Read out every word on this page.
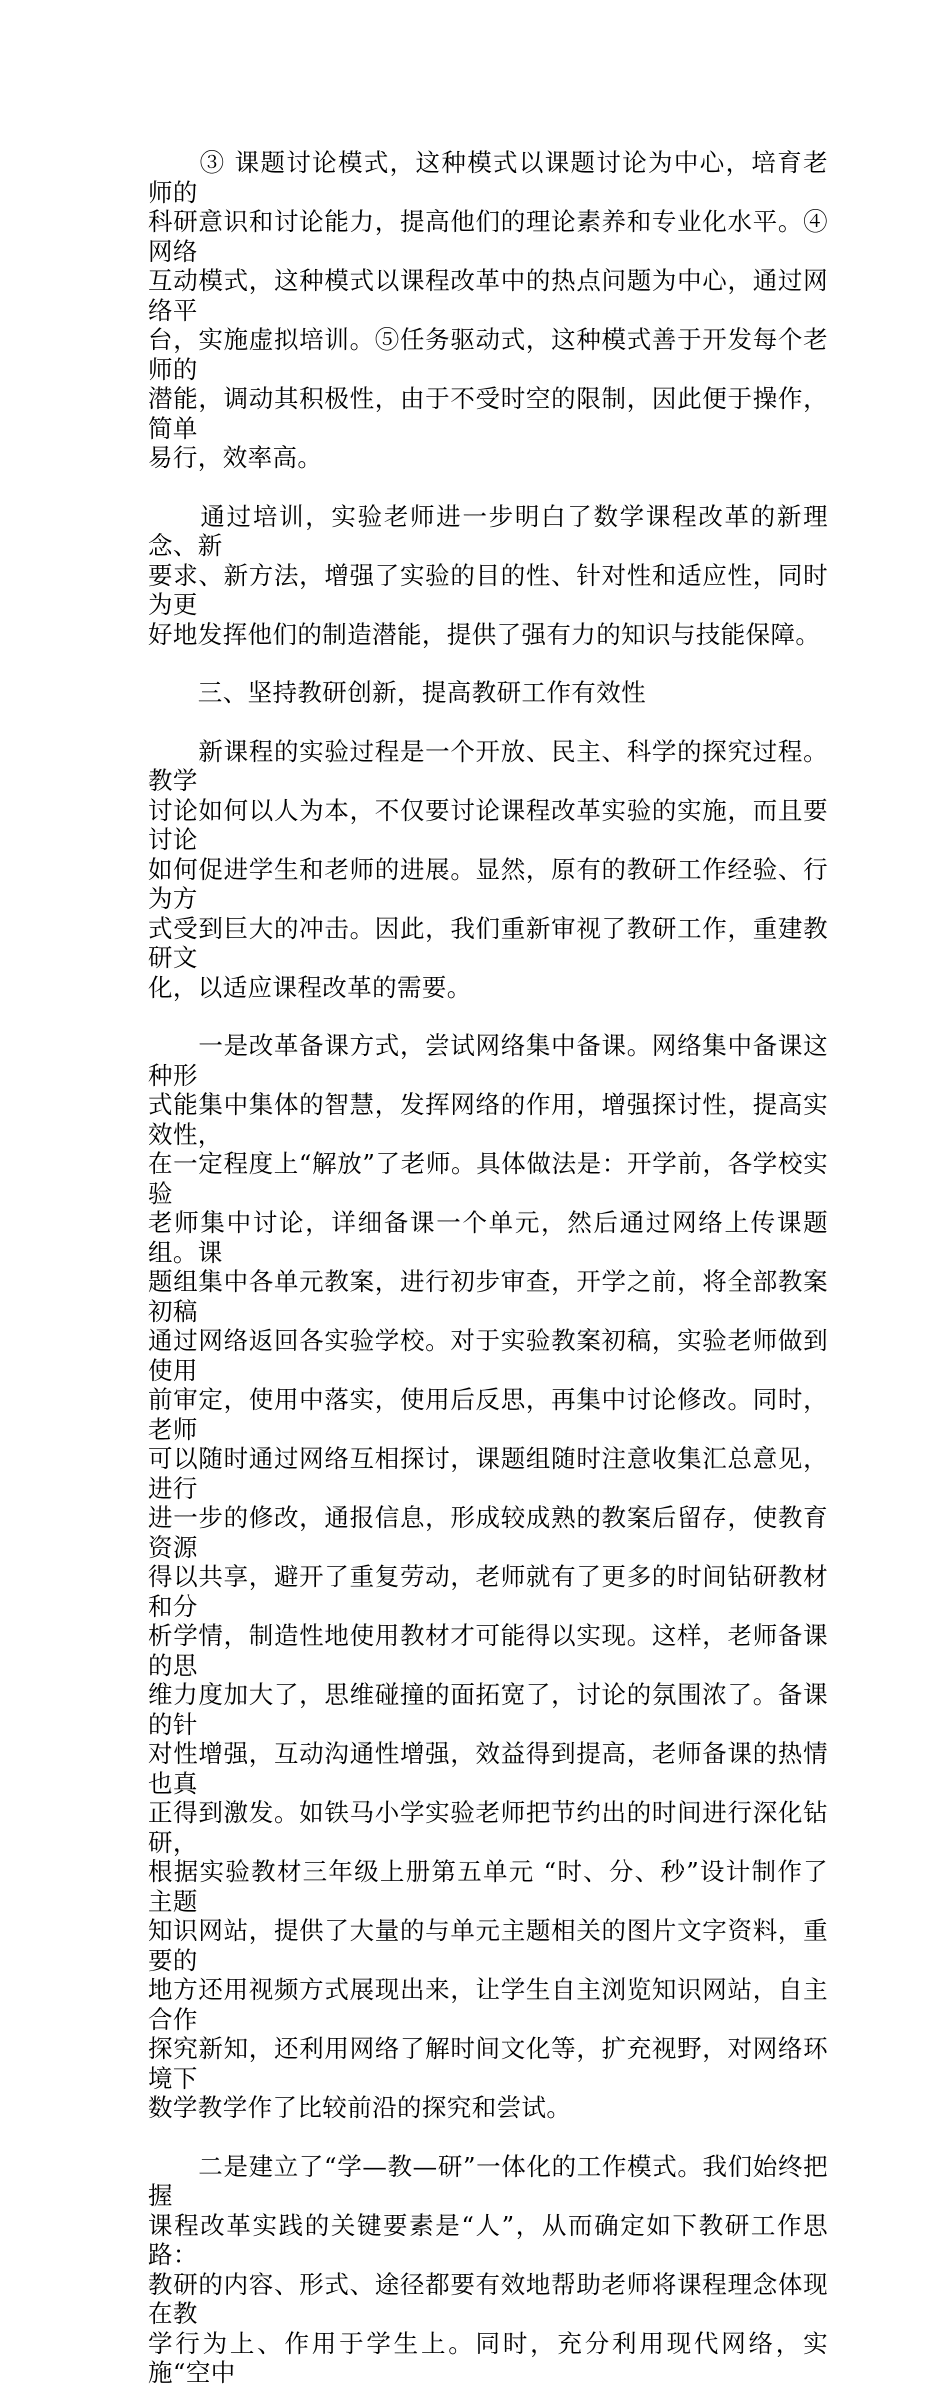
　　③ 课题讨论模式，这种模式以课题讨论为中心，培育老师的
科研意识和讨论能力，提高他们的理论素养和专业化水平。④网络
互动模式，这种模式以课程改革中的热点问题为中心，通过网络平
台，实施虚拟培训。⑤任务驱动式，这种模式善于开发每个老师的
潜能，调动其积极性，由于不受时空的限制，因此便于操作，简单
易行，效率高。

　　通过培训，实验老师进一步明白了数学课程改革的新理念、新
要求、新方法，增强了实验的目的性、针对性和适应性，同时为更
好地发挥他们的制造潜能，提供了强有力的知识与技能保障。

　　三、坚持教研创新，提高教研工作有效性

　　新课程的实验过程是一个开放、民主、科学的探究过程。教学
讨论如何以人为本，不仅要讨论课程改革实验的实施，而且要讨论
如何促进学生和老师的进展。显然，原有的教研工作经验、行为方
式受到巨大的冲击。因此，我们重新审视了教研工作，重建教研文
化，以适应课程改革的需要。

　　一是改革备课方式，尝试网络集中备课。网络集中备课这种形
式能集中集体的智慧，发挥网络的作用，增强探讨性，提高实效性，
在一定程度上“解放”了老师。具体做法是：开学前，各学校实验
老师集中讨论，详细备课一个单元，然后通过网络上传课题组。课
题组集中各单元教案，进行初步审查，开学之前，将全部教案初稿
通过网络返回各实验学校。对于实验教案初稿，实验老师做到使用
前审定，使用中落实，使用后反思，再集中讨论修改。同时，老师
可以随时通过网络互相探讨，课题组随时注意收集汇总意见，进行
进一步的修改，通报信息，形成较成熟的教案后留存，使教育资源
得以共享，避开了重复劳动，老师就有了更多的时间钻研教材和分
析学情，制造性地使用教材才可能得以实现。这样，老师备课的思
维力度加大了，思维碰撞的面拓宽了，讨论的氛围浓了。备课的针
对性增强，互动沟通性增强，效益得到提高，老师备课的热情也真
正得到激发。如铁马小学实验老师把节约出的时间进行深化钻研，
根据实验教材三年级上册第五单元 “时、分、秒”设计制作了主题
知识网站，提供了大量的与单元主题相关的图片文字资料，重要的
地方还用视频方式展现出来，让学生自主浏览知识网站，自主合作
探究新知，还利用网络了解时间文化等，扩充视野，对网络环境下
数学教学作了比较前沿的探究和尝试。

　　二是建立了“学—教—研”一体化的工作模式。我们始终把握
课程改革实践的关键要素是“人”，从而确定如下教研工作思路：
教研的内容、形式、途径都要有效地帮助老师将课程理念体现在教
学行为上、作用于学生上。同时，充分利用现代网络，实施“空中
